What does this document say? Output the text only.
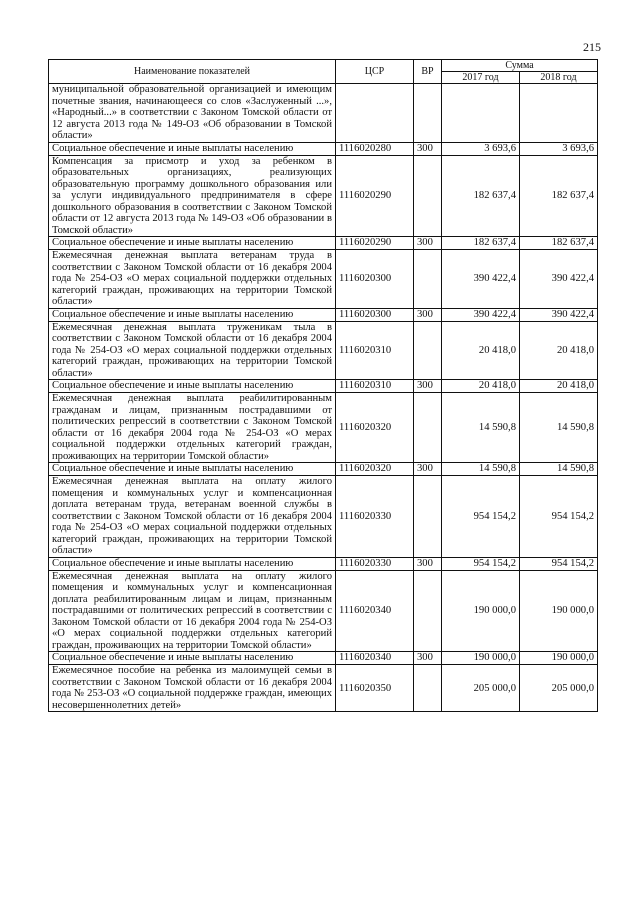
215
Наименование показателей	ЦСР	ВР	Сумма	
			2017 год	2018 год
муниципальной образовательной организацией и имеющим почетные звания, начинающееся со слов «Заслуженный ...», «Народный...» в соответствии с Законом Томской области от 12 августа 2013 года № 149-ОЗ «Об образовании в Томской области»				
Социальное обеспечение и иные выплаты населению	1116020280	300	3 693,6	3 693,6
Компенсация за присмотр и уход за ребенком в образовательных организациях, реализующих образовательную программу дошкольного образования или за услуги индивидуального предпринимателя в сфере дошкольного образования в соответствии с Законом Томской области от 12 августа 2013 года № 149-ОЗ «Об образовании в Томской области»	1116020290		182 637,4	182 637,4
Социальное обеспечение и иные выплаты населению	1116020290	300	182 637,4	182 637,4
Ежемесячная денежная выплата ветеранам труда в соответствии с Законом Томской области от 16 декабря 2004 года № 254-ОЗ «О мерах социальной поддержки отдельных категорий граждан, проживающих на территории Томской области»	1116020300		390 422,4	390 422,4
Социальное обеспечение и иные выплаты населению	1116020300	300	390 422,4	390 422,4
Ежемесячная денежная выплата труженикам тыла в соответствии с Законом Томской области от 16 декабря 2004 года № 254-ОЗ «О мерах социальной поддержки отдельных категорий граждан, проживающих на территории Томской области»	1116020310		20 418,0	20 418,0
Социальное обеспечение и иные выплаты населению	1116020310	300	20 418,0	20 418,0
Ежемесячная денежная выплата реабилитированным гражданам и лицам, признанным пострадавшими от политических репрессий в соответствии с Законом Томской области от 16 декабря 2004 года № 254-ОЗ «О мерах социальной поддержки отдельных категорий граждан, проживающих на территории Томской области»	1116020320		14 590,8	14 590,8
Социальное обеспечение и иные выплаты населению	1116020320	300	14 590,8	14 590,8
Ежемесячная денежная выплата на оплату жилого помещения и коммунальных услуг и компенсационная доплата ветеранам труда, ветеранам военной службы в соответствии с Законом Томской области от 16 декабря 2004 года № 254-ОЗ «О мерах социальной поддержки отдельных категорий граждан, проживающих на территории Томской области»	1116020330		954 154,2	954 154,2
Социальное обеспечение и иные выплаты населению	1116020330	300	954 154,2	954 154,2
Ежемесячная денежная выплата на оплату жилого помещения и коммунальных услуг и компенсационная доплата реабилитированным лицам и лицам, признанным пострадавшими от политических репрессий в соответствии с Законом Томской области от 16 декабря 2004 года № 254-ОЗ «О мерах социальной поддержки отдельных категорий граждан, проживающих на территории Томской области»	1116020340		190 000,0	190 000,0
Социальное обеспечение и иные выплаты населению	1116020340	300	190 000,0	190 000,0
Ежемесячное пособие на ребенка из малоимущей семьи в соответствии с Законом Томской области от 16 декабря 2004 года № 253-ОЗ «О социальной поддержке граждан, имеющих несовершеннолетних детей»	1116020350		205 000,0	205 000,0
